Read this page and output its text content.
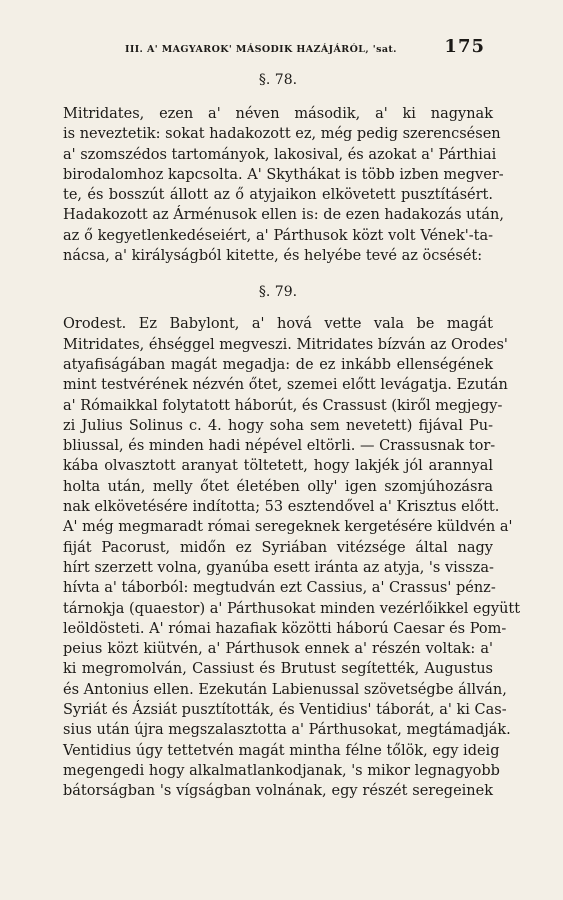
III. A' MAGYAROK' MÁSODIK HAZÁJÁRÓL, 'sat.	175
§. 78.

Mitridates, ezen a' néven második, a' ki nagynak
is neveztetik: sokat hadakozott ez, még pedig szerencsésen
a' szomszédos tartományok, lakosival, és azokat a' Párthiai
birodalomhoz kapcsolta. A' Skythákat is több izben megver-
te, és bosszút állott az ő atyjaikon elkövetett pusztításért.
Hadakozott az Árménusok ellen is: de ezen hadakozás után,
az ő kegyetlenkedéseiért, a' Párthusok közt volt Vének'-ta-
nácsa, a' királyságból kitette, és helyébe tevé az öcsését:

§. 79.

Orodest. Ez Babylont, a' hová vette vala be magát
Mitridates, éhséggel megveszi. Mitridates bízván az Orodes'
atyafiságában magát megadja: de ez inkább ellenségének
mint testvérének nézvén őtet, szemei előtt levágatja. Ezután
a' Rómaikkal folytatott háborút, és Crassust (kiről megjegy-
zi Julius Solinus c. 4. hogy soha sem nevetett) fijával Pu-
bliussal, és minden hadi népével eltörli. — Crassusnak tor-
kába olvasztott aranyat töltetett, hogy lakjék jól arannyal
holta után, melly őtet életében olly' igen szomjúhozásra
nak elkövetésére indította; 53 esztendővel a' Krisztus előtt.
A' még megmaradt római seregeknek kergetésére küldvén a'
fiját Pacorust, midőn ez Syriában vitézsége által nagy
hírt szerzett volna, gyanúba esett iránta az atyja, 's vissza-
hívta a' táborból: megtudván ezt Cassius, a' Crassus' pénz-
tárnokja (quaestor) a' Párthusokat minden vezérlőikkel együtt
leöldösteti. A' római hazafiak közötti háború Caesar és Pom-
peius közt kiütvén, a' Párthusok ennek a' részén voltak: a'
ki megromolván, Cassiust és Brutust segítették, Augustus
és Antonius ellen. Ezekután Labienussal szövetségbe állván,
Syriát és Ázsiát pusztították, és Ventidius' táborát, a' ki Cas-
sius után újra megszalasztotta a' Párthusokat, megtámadják.
Ventidius úgy tettetvén magát mintha félne tőlök, egy ideig
megengedi hogy alkalmatlankodjanak, 's mikor legnagyobb
bátorságban 's vígságban volnának, egy részét seregeinek
